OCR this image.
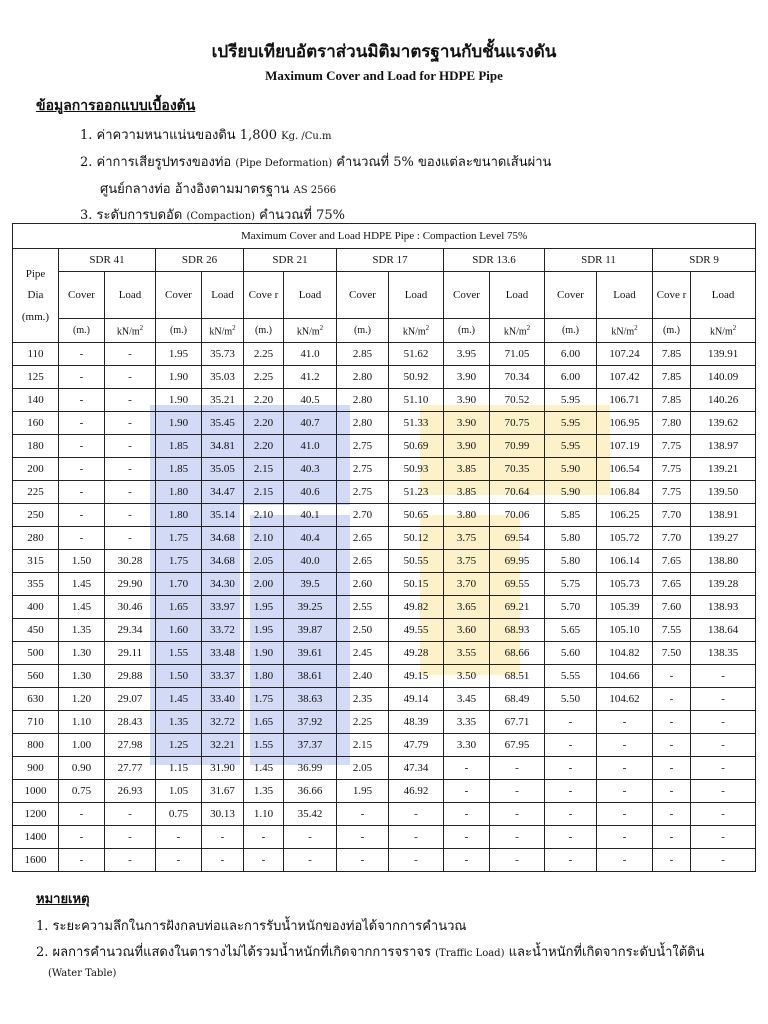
เปรียบเทียบอัตราส่วนมิติมาตรฐานกับชั้นแรงดัน
Maximum Cover and Load for HDPE Pipe
ข้อมูลการออกแบบเบื้องต้น
1. ค่าความหนาแน่นของดิน 1,800 Kg. /Cu.m
2. ค่าการเสียรูปทรงของท่อ (Pipe Deformation) คำนวณที่ 5% ของแต่ละขนาดเส้นผ่าน
ศูนย์กลางท่อ อ้างอิงตามมาตรฐาน AS 2566
3. ระดับการบดอัด (Compaction) คำนวณที่ 75%
Maximum Cover and Load HDPE Pipe : Compaction Level 75%														

Pipe
Dia
(mm.)	SDR 41		SDR 26		SDR 21		SDR 17		SDR 13.6		SDR 11		SDR 9	
	Cover	Load	Cover	Load	Cove r	Load	Cover	Load	Cover	Load	Cover	Load	Cove r	Load
	(m.)	$kN/m^2$	(m.)	$kN/m^2$	(m.)	$kN/m^2$	(m.)	$kN/m^2$	(m.)	$kN/m^2$	(m.)	$kN/m^2$	(m.)	$kN/m^2$
110	-	-	1.95	35.73	2.25	41.0	2.85	51.62	3.95	71.05	6.00	107.24	7.85	139.91
125	-	-	1.90	35.03	2.25	41.2	2.80	50.92	3.90	70.34	6.00	107.42	7.85	140.09
140	-	-	1.90	35.21	2.20	40.5	2.80	51.10	3.90	70.52	5.95	106.71	7.85	140.26
160	-	-	1.90	35.45	2.20	40.7	2.80	51.33	3.90	70.75	5.95	106.95	7.80	139.62
180	-	-	1.85	34.81	2.20	41.0	2.75	50.69	3.90	70.99	5.95	107.19	7.75	138.97
200	-	-	1.85	35.05	2.15	40.3	2.75	50.93	3.85	70.35	5.90	106.54	7.75	139.21
225	-	-	1.80	34.47	2.15	40.6	2.75	51.23	3.85	70.64	5.90	106.84	7.75	139.50
250	-	-	1.80	35.14	2.10	40.1	2.70	50.65	3.80	70.06	5.85	106.25	7.70	138.91
280	-	-	1.75	34.68	2.10	40.4	2.65	50.12	3.75	69.54	5.80	105.72	7.70	139.27
315	1.50	30.28	1.75	34.68	2.05	40.0	2.65	50.55	3.75	69.95	5.80	106.14	7.65	138.80
355	1.45	29.90	1.70	34.30	2.00	39.5	2.60	50.15	3.70	69.55	5.75	105.73	7.65	139.28
400	1.45	30.46	1.65	33.97	1.95	39.25	2.55	49.82	3.65	69.21	5.70	105.39	7.60	138.93
450	1.35	29.34	1.60	33.72	1.95	39.87	2.50	49.55	3.60	68.93	5.65	105.10	7.55	138.64
500	1.30	29.11	1.55	33.48	1.90	39.61	2.45	49.28	3.55	68.66	5.60	104.82	7.50	138.35
560	1.30	29.88	1.50	33.37	1.80	38.61	2.40	49.15	3.50	68.51	5.55	104.66	-	-
630	1.20	29.07	1.45	33.40	1.75	38.63	2.35	49.14	3.45	68.49	5.50	104.62	-	-
710	1.10	28.43	1.35	32.72	1.65	37.92	2.25	48.39	3.35	67.71	-	-	-	-
800	1.00	27.98	1.25	32.21	1.55	37.37	2.15	47.79	3.30	67.95	-	-	-	-
900	0.90	27.77	1.15	31.90	1.45	36.99	2.05	47.34	-	-	-	-	-	-
1000	0.75	26.93	1.05	31.67	1.35	36.66	1.95	46.92	-	-	-	-	-	-
1200	-	-	0.75	30.13	1.10	35.42	-	-	-	-	-	-	-	-
1400	-	-	-	-	-	-	-	-	-	-	-	-	-	-
1600	-	-	-	-	-	-	-	-	-	-	-	-	-	-
หมายเหตุ
1. ระยะความลึกในการฝังกลบท่อและการรับน้ำหนักของท่อได้จากการคำนวณ
2. ผลการคำนวณที่แสดงในตารางไม่ได้รวมน้ำหนักที่เกิดจากการจราจร (Traffic Load) และน้ำหนักที่เกิดจากระดับน้ำใต้ดิน
(Water Table)
